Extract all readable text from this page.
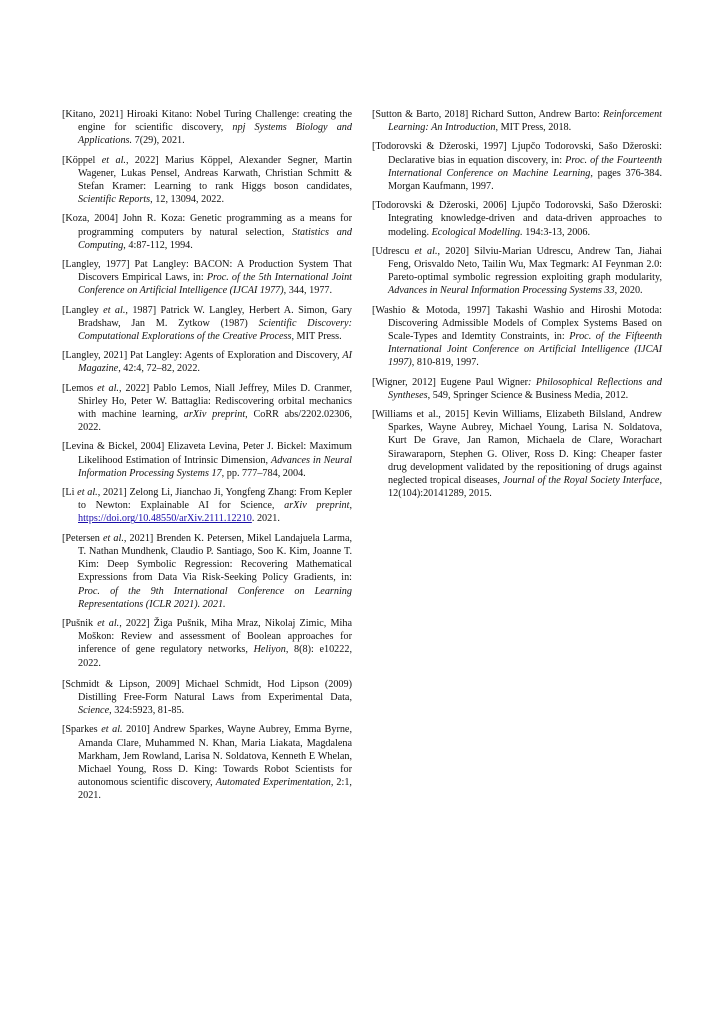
[Kitano, 2021] Hiroaki Kitano: Nobel Turing Challenge: creating the engine for scientific discovery, npj Systems Biology and Applications. 7(29), 2021.

[Köppel et al., 2022] Marius Köppel, Alexander Segner, Martin Wagener, Lukas Pensel, Andreas Karwath, Christian Schmitt & Stefan Kramer: Learning to rank Higgs boson candidates, Scientific Reports, 12, 13094, 2022.

[Koza, 2004] John R. Koza: Genetic programming as a means for programming computers by natural selection, Statistics and Computing, 4:87-112, 1994.

[Langley, 1977] Pat Langley: BACON: A Production System That Discovers Empirical Laws, in: Proc. of the 5th International Joint Conference on Artificial Intelligence (IJCAI 1977), 344, 1977.

[Langley et al., 1987] Patrick W. Langley, Herbert A. Simon, Gary Bradshaw, Jan M. Zytkow (1987) Scientific Discovery: Computational Explorations of the Creative Process, MIT Press.

[Langley, 2021] Pat Langley: Agents of Exploration and Discovery, AI Magazine, 42:4, 72–82, 2022.

[Lemos et al., 2022] Pablo Lemos, Niall Jeffrey, Miles D. Cranmer, Shirley Ho, Peter W. Battaglia: Rediscovering orbital mechanics with machine learning, arXiv preprint, CoRR abs/2202.02306, 2022.

[Levina & Bickel, 2004] Elizaveta Levina, Peter J. Bickel: Maximum Likelihood Estimation of Intrinsic Dimension, Advances in Neural Information Processing Systems 17, pp. 777–784, 2004.

[Li et al., 2021] Zelong Li, Jianchao Ji, Yongfeng Zhang: From Kepler to Newton: Explainable AI for Science, arXiv preprint, https://doi.org/10.48550/arXiv.2111.12210. 2021.

[Petersen et al., 2021] Brenden K. Petersen, Mikel Landajuela Larma, T. Nathan Mundhenk, Claudio P. Santiago, Soo K. Kim, Joanne T. Kim: Deep Symbolic Regression: Recovering Mathematical Expressions from Data Via Risk-Seeking Policy Gradients, in: Proc. of the 9th International Conference on Learning Representations (ICLR 2021). 2021.

[Pušnik et al., 2022] Žiga Pušnik, Miha Mraz, Nikolaj Zimic, Miha Moškon: Review and assessment of Boolean approaches for inference of gene regulatory networks, Heliyon, 8(8): e10222, 2022.

[Schmidt & Lipson, 2009] Michael Schmidt, Hod Lipson (2009) Distilling Free-Form Natural Laws from Experimental Data, Science, 324:5923, 81-85.

[Sparkes et al. 2010] Andrew Sparkes, Wayne Aubrey, Emma Byrne, Amanda Clare, Muhammed N. Khan, Maria Liakata, Magdalena Markham, Jem Rowland, Larisa N. Soldatova, Kenneth E Whelan, Michael Young, Ross D. King: Towards Robot Scientists for autonomous scientific discovery, Automated Experimentation, 2:1, 2021.

[Sutton & Barto, 2018] Richard Sutton, Andrew Barto: Reinforcement Learning: An Introduction, MIT Press, 2018.

[Todorovski & Džeroski, 1997] Ljupčo Todorovski, Sašo Džeroski: Declarative bias in equation discovery, in: Proc. of the Fourteenth International Conference on Machine Learning, pages 376-384. Morgan Kaufmann, 1997.

[Todorovski & Džeroski, 2006] Ljupčo Todorovski, Sašo Džeroski: Integrating knowledge-driven and data-driven approaches to modeling. Ecological Modelling. 194:3-13, 2006.

[Udrescu et al., 2020] Silviu-Marian Udrescu, Andrew Tan, Jiahai Feng, Orisvaldo Neto, Tailin Wu, Max Tegmark: AI Feynman 2.0: Pareto-optimal symbolic regression exploiting graph modularity, Advances in Neural Information Processing Systems 33, 2020.

[Washio & Motoda, 1997] Takashi Washio and Hiroshi Motoda: Discovering Admissible Models of Complex Systems Based on Scale-Types and Idemtity Constraints, in: Proc. of the Fifteenth International Joint Conference on Artificial Intelligence (IJCAI 1997), 810-819, 1997.

[Wigner, 2012] Eugene Paul Wigner: Philosophical Reflections and Syntheses, 549, Springer Science & Business Media, 2012.

[Williams et al., 2015] Kevin Williams, Elizabeth Bilsland, Andrew Sparkes, Wayne Aubrey, Michael Young, Larisa N. Soldatova, Kurt De Grave, Jan Ramon, Michaela de Clare, Worachart Sirawaraporn, Stephen G. Oliver, Ross D. King: Cheaper faster drug development validated by the repositioning of drugs against neglected tropical diseases, Journal of the Royal Society Interface, 12(104):20141289, 2015.
